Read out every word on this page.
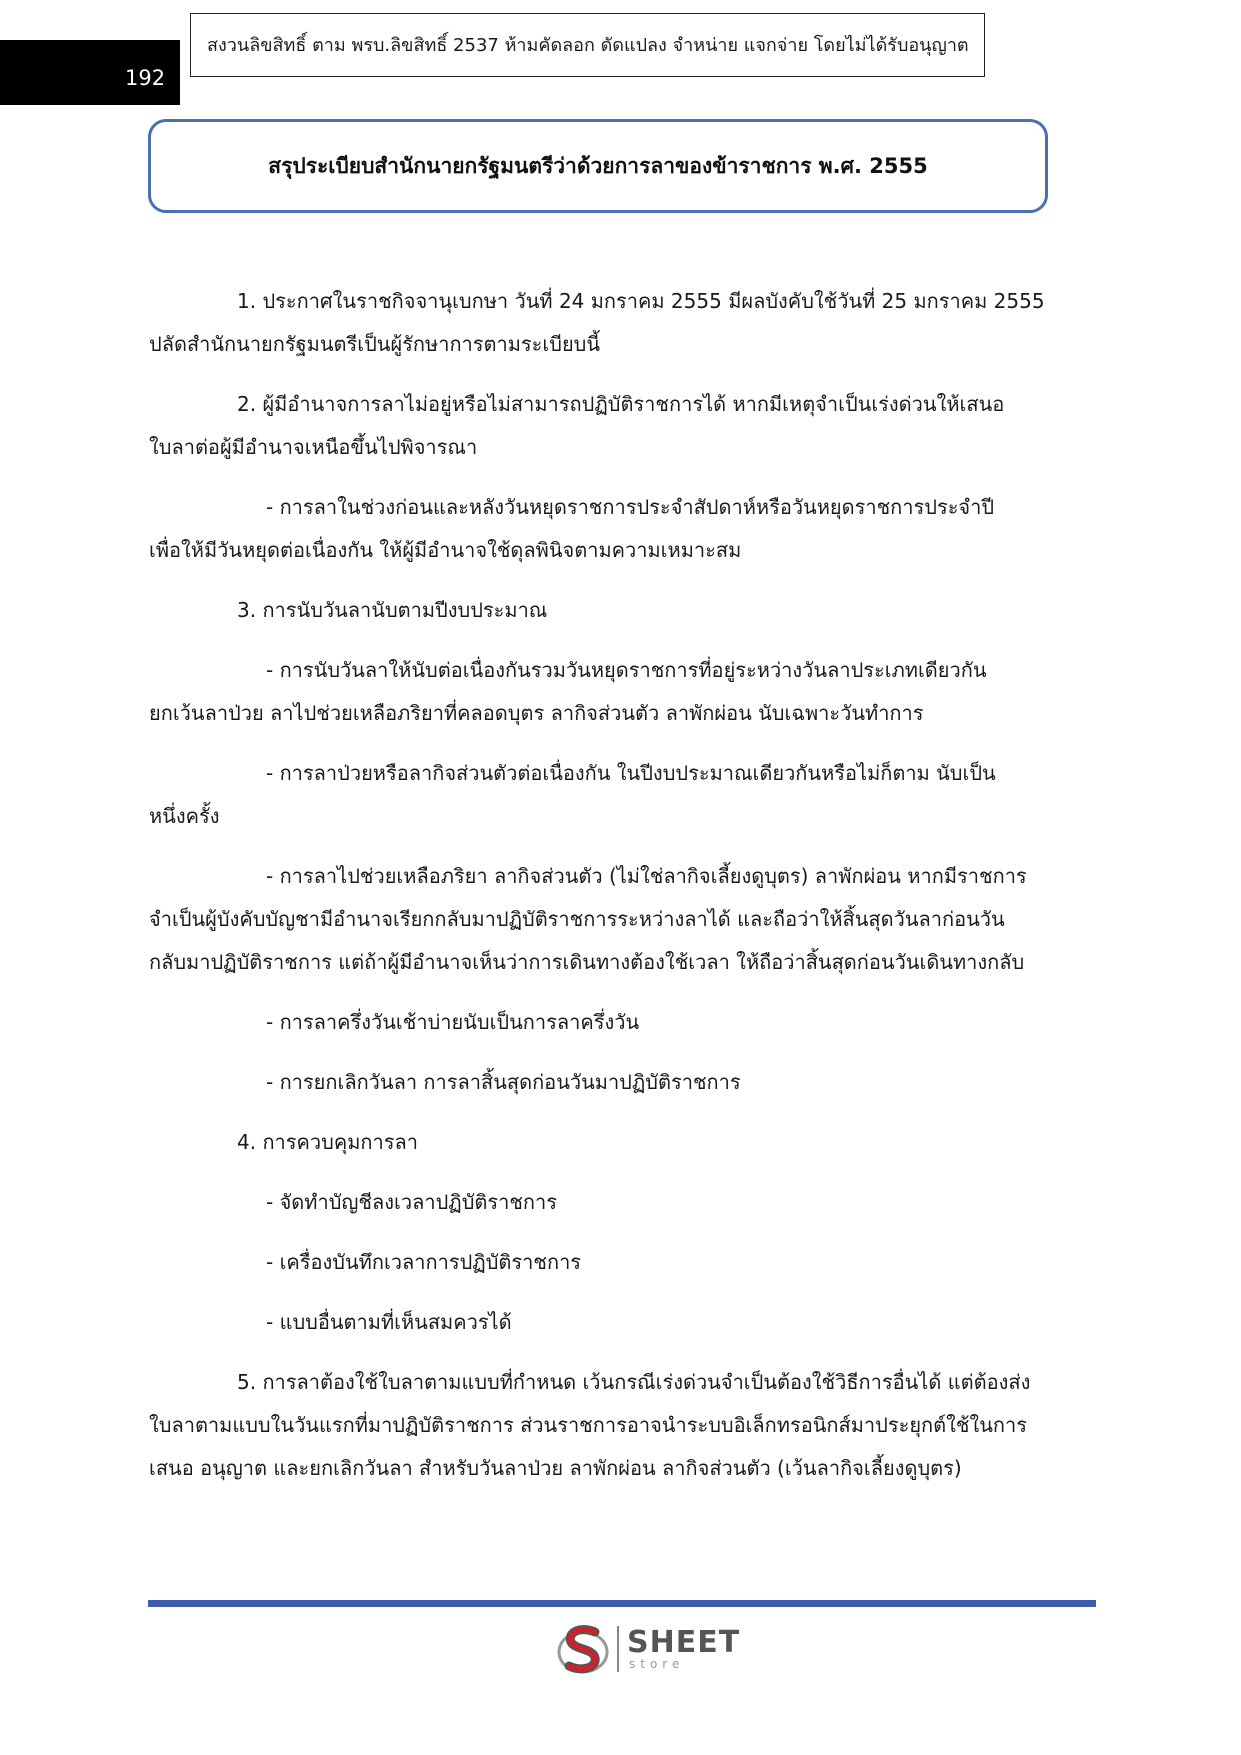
192
สงวนลิขสิทธิ์ ตาม พรบ.ลิขสิทธิ์ 2537 ห้ามคัดลอก ดัดแปลง จำหน่าย แจกจ่าย โดยไม่ได้รับอนุญาต
สรุประเบียบสำนักนายกรัฐมนตรีว่าด้วยการลาของข้าราชการ พ.ศ. 2555

1. ประกาศในราชกิจจานุเบกษา วันที่ 24 มกราคม 2555 มีผลบังคับใช้วันที่ 25 มกราคม 2555
ปลัดสำนักนายกรัฐมนตรีเป็นผู้รักษาการตามระเบียบนี้

2. ผู้มีอำนาจการลาไม่อยู่หรือไม่สามารถปฏิบัติราชการได้ หากมีเหตุจำเป็นเร่งด่วนให้เสนอ
ใบลาต่อผู้มีอำนาจเหนือขึ้นไปพิจารณา

- การลาในช่วงก่อนและหลังวันหยุดราชการประจำสัปดาห์หรือวันหยุดราชการประจำปี
เพื่อให้มีวันหยุดต่อเนื่องกัน ให้ผู้มีอำนาจใช้ดุลพินิจตามความเหมาะสม

3. การนับวันลานับตามปีงบประมาณ

- การนับวันลาให้นับต่อเนื่องกันรวมวันหยุดราชการที่อยู่ระหว่างวันลาประเภทเดียวกัน
ยกเว้นลาป่วย ลาไปช่วยเหลือภริยาที่คลอดบุตร ลากิจส่วนตัว ลาพักผ่อน นับเฉพาะวันทำการ

- การลาป่วยหรือลากิจส่วนตัวต่อเนื่องกัน ในปีงบประมาณเดียวกันหรือไม่ก็ตาม นับเป็น
หนึ่งครั้ง

- การลาไปช่วยเหลือภริยา ลากิจส่วนตัว (ไม่ใช่ลากิจเลี้ยงดูบุตร) ลาพักผ่อน หากมีราชการ
จำเป็นผู้บังคับบัญชามีอำนาจเรียกกลับมาปฏิบัติราชการระหว่างลาได้ และถือว่าให้สิ้นสุดวันลาก่อนวัน
กลับมาปฏิบัติราชการ แต่ถ้าผู้มีอำนาจเห็นว่าการเดินทางต้องใช้เวลา ให้ถือว่าสิ้นสุดก่อนวันเดินทางกลับ

- การลาครึ่งวันเช้าบ่ายนับเป็นการลาครึ่งวัน

- การยกเลิกวันลา การลาสิ้นสุดก่อนวันมาปฏิบัติราชการ

4. การควบคุมการลา

- จัดทำบัญชีลงเวลาปฏิบัติราชการ

- เครื่องบันทึกเวลาการปฏิบัติราชการ

- แบบอื่นตามที่เห็นสมควรได้

5. การลาต้องใช้ใบลาตามแบบที่กำหนด เว้นกรณีเร่งด่วนจำเป็นต้องใช้วิธีการอื่นได้ แต่ต้องส่ง
ใบลาตามแบบในวันแรกที่มาปฏิบัติราชการ ส่วนราชการอาจนำระบบอิเล็กทรอนิกส์มาประยุกต์ใช้ในการ
เสนอ อนุญาต และยกเลิกวันลา สำหรับวันลาป่วย ลาพักผ่อน ลากิจส่วนตัว (เว้นลากิจเลี้ยงดูบุตร)

SHEET
store
